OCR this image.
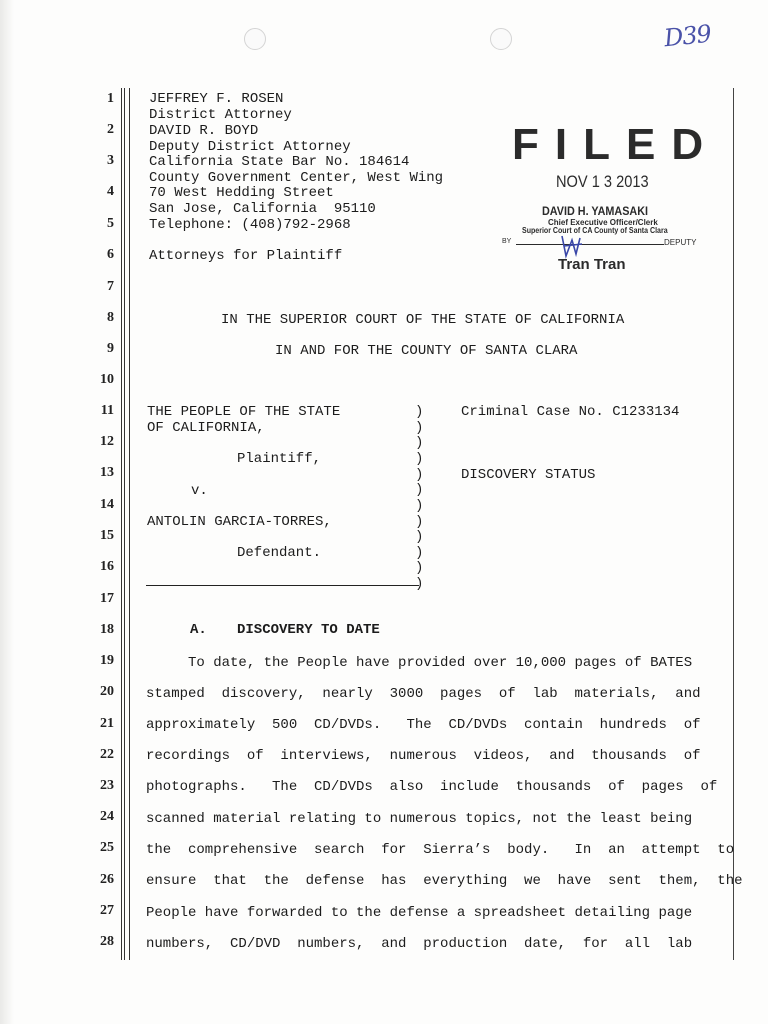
D39
1
2
3
4
5
6
7
8
9
10
11
12
13
14
15
16
17
18
19
20
21
22
23
24
25
26
27
28
JEFFREY F. ROSEN
District Attorney
DAVID R. BOYD
Deputy District Attorney
California State Bar No. 184614
County Government Center, West Wing
70 West Hedding Street
San Jose, California  95110
Telephone: (408)792-2968
Attorneys for Plaintiff
FILED
NOV 1 3 2013
DAVID H. YAMASAKI
Chief Executive Officer/Clerk
Superior Court of CA County of Santa Clara
BY	DEPUTY
Tran Tran
IN THE SUPERIOR COURT OF THE STATE OF CALIFORNIA
IN AND FOR THE COUNTY OF SANTA CLARA
THE PEOPLE OF THE STATE
OF CALIFORNIA,
Plaintiff,
v.
ANTOLIN GARCIA-TORRES,
Defendant.
)
)
)
)
)
)
)
)
)
)
)
)
Criminal Case No. C1233134
DISCOVERY STATUS
A. DISCOVERY TO DATE
To date, the People have provided over 10,000 pages of BATES
stamped  discovery,  nearly  3000  pages  of  lab  materials,  and
approximately  500  CD/DVDs.   The  CD/DVDs  contain  hundreds  of
recordings  of  interviews,  numerous  videos,  and  thousands  of
photographs.   The  CD/DVDs  also  include  thousands  of  pages  of
scanned material relating to numerous topics, not the least being
the  comprehensive  search  for  Sierra’s  body.   In  an  attempt  to
ensure  that  the  defense  has  everything  we  have  sent  them,  the
People have forwarded to the defense a spreadsheet detailing page
numbers,  CD/DVD  numbers,  and  production  date,  for  all  lab
